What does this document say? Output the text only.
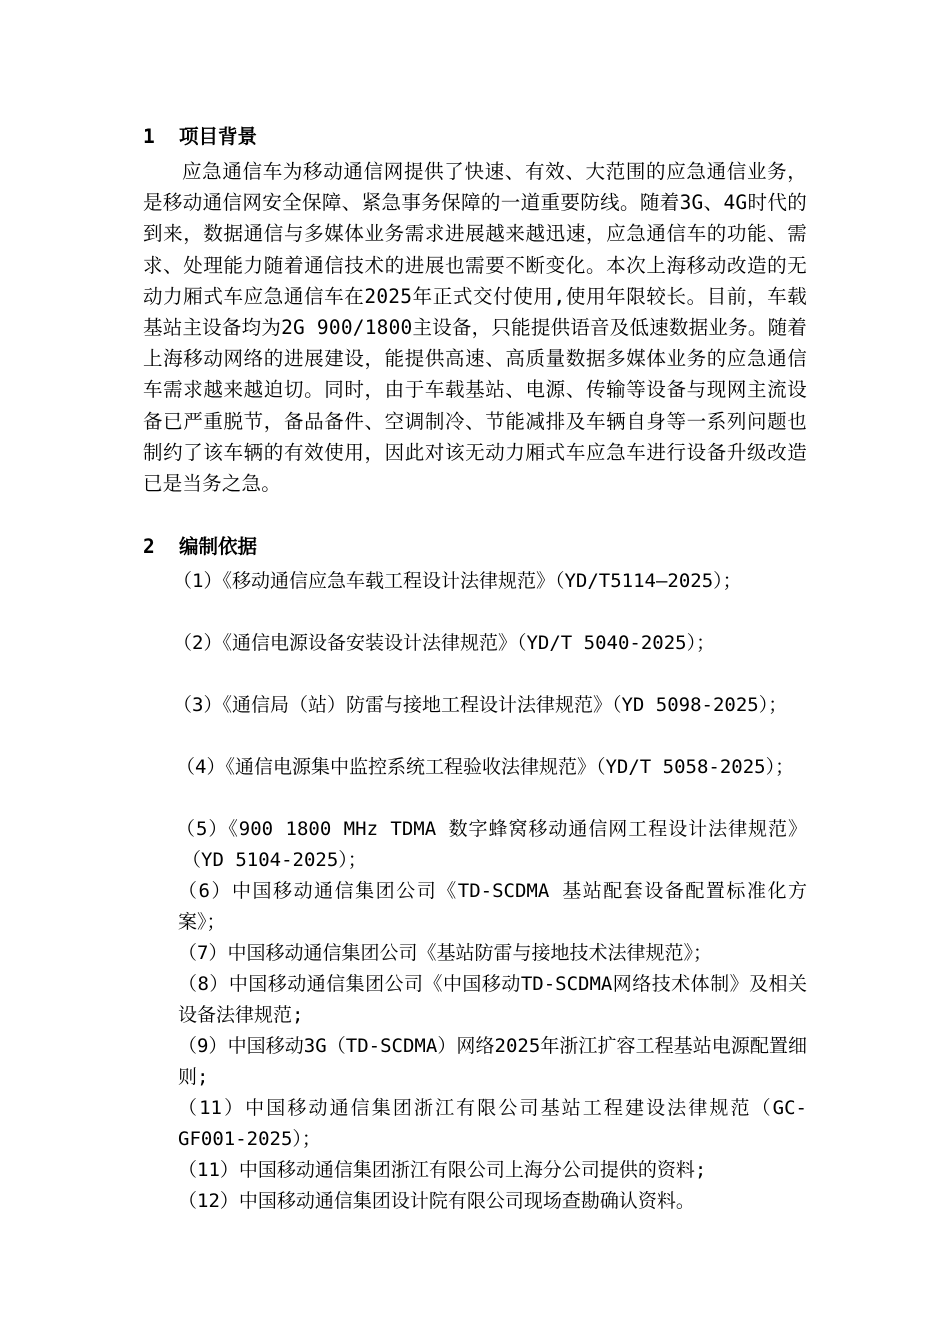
1 项目背景

应急通信车为移动通信网提供了快速、有效、大范围的应急通信业务，是移动通信网安全保障、紧急事务保障的一道重要防线。随着3G、4G时代的到来，数据通信与多媒体业务需求进展越来越迅速，应急通信车的功能、需求、处理能力随着通信技术的进展也需要不断变化。本次上海移动改造的无动力厢式车应急通信车在2025年正式交付使用,使用年限较长。目前，车载基站主设备均为2G 900/1800主设备，只能提供语音及低速数据业务。随着上海移动网络的进展建设，能提供高速、高质量数据多媒体业务的应急通信车需求越来越迫切。同时，由于车载基站、电源、传输等设备与现网主流设备已严重脱节，备品备件、空调制冷、节能减排及车辆自身等一系列问题也制约了该车辆的有效使用，因此对该无动力厢式车应急车进行设备升级改造已是当务之急。

2 编制依据

（1）《移动通信应急车载工程设计法律规范》（YD/T5114—2025）；

（2）《通信电源设备安装设计法律规范》（YD/T 5040-2025）；

（3）《通信局（站）防雷与接地工程设计法律规范》（YD 5098-2025）；

（4）《通信电源集中监控系统工程验收法律规范》（YD/T 5058-2025）；

（5）《900 1800 MHz TDMA 数字蜂窝移动通信网工程设计法律规范》（YD 5104-2025）；

（6）中国移动通信集团公司《TD-SCDMA 基站配套设备配置标准化方案》；

（7）中国移动通信集团公司《基站防雷与接地技术法律规范》；

（8）中国移动通信集团公司《中国移动TD-SCDMA网络技术体制》及相关设备法律规范;

（9）中国移动3G（TD-SCDMA）网络2025年浙江扩容工程基站电源配置细则;

（11）中国移动通信集团浙江有限公司基站工程建设法律规范（GC-GF001-2025）；

（11）中国移动通信集团浙江有限公司上海分公司提供的资料;

（12）中国移动通信集团设计院有限公司现场查勘确认资料。
